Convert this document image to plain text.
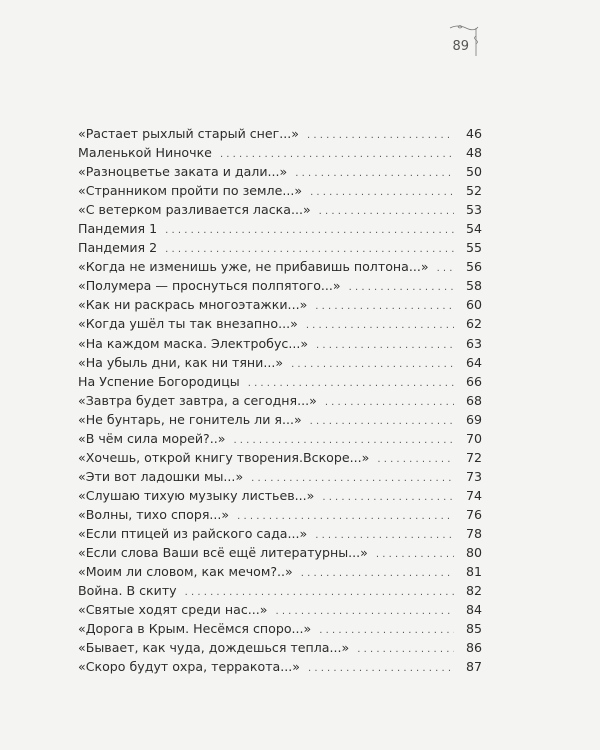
89
«Растает рыхлый старый снег...» . . .	46
Маленькой Ниночке . . .	48
«Разноцветье заката и дали...» . . .	50
«Странником пройти по земле...» . . .	52
«С ветерком разливается ласка...» . . .	53
Пандемия 1 . . .	54
Пандемия 2 . . .	55
«Когда не изменишь уже, не прибавишь полтона...» . . .	56
«Полумера — проснуться полпятого...» . . .	58
«Как ни раскрась многоэтажки...» . . .	60
«Когда ушёл ты так внезапно...» . . .	62
«На каждом маска. Электробус...» . . .	63
«На убыль дни, как ни тяни...» . . .	64
На Успение Богородицы . . .	66
«Завтра будет завтра, а сегодня...» . . .	68
«Не бунтарь, не гонитель ли я...» . . .	69
«В чём сила морей?..» . . .	70
«Хочешь, открой книгу творения.Вскоре...» . . .	72
«Эти вот ладошки мы...» . . .	73
«Слушаю тихую музыку листьев...» . . .	74
«Волны, тихо споря...» . . .	76
«Если птицей из райского сада...» . . .	78
«Если слова Ваши всё ещё литературны...» . . .	80
«Моим ли словом, как мечом?..» . . .	81
Война. В скиту . . .	82
«Святые ходят среди нас...» . . .	84
«Дорога в Крым. Несёмся споро...» . . .	85
«Бывает, как чуда, дождешься тепла...» . . .	86
«Скоро будут охра, терракота...» . . .	87
